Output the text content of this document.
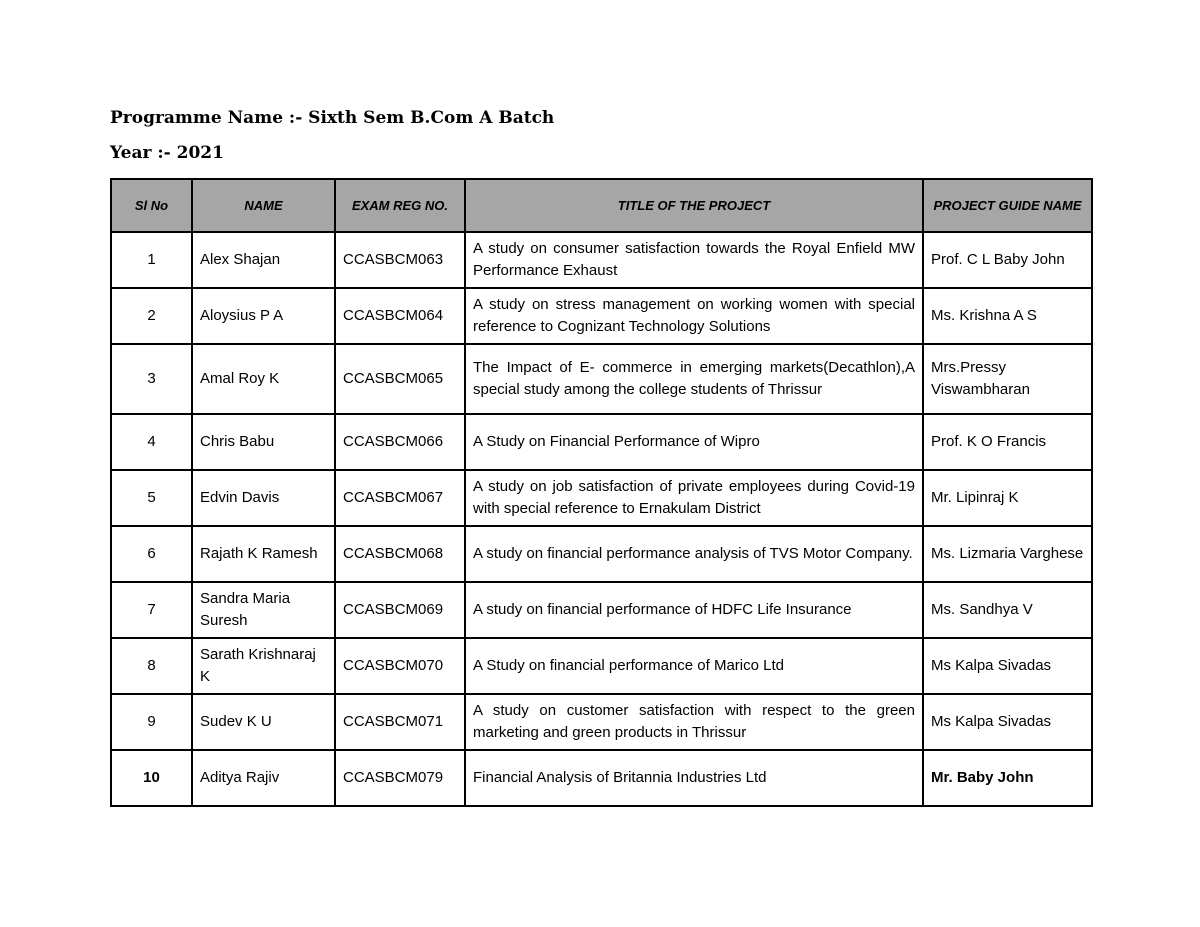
Programme Name :- Sixth Sem B.Com A Batch
Year :- 2021
Sl No	NAME	EXAM REG NO.	TITLE OF THE PROJECT	PROJECT GUIDE NAME
1	Alex Shajan	CCASBCM063	A study on consumer satisfaction towards the Royal Enfield MW Performance Exhaust	Prof. C L Baby John
2	Aloysius P A	CCASBCM064	A study on stress management on working women with special reference to Cognizant Technology Solutions	Ms. Krishna A S
3	Amal Roy K	CCASBCM065	The Impact of E- commerce in emerging markets(Decathlon),A special study among the college students of Thrissur	Mrs.Pressy Viswambharan
4	Chris Babu	CCASBCM066	A Study on Financial Performance of Wipro	Prof. K O Francis
5	Edvin Davis	CCASBCM067	A study on job satisfaction of private employees during Covid-19 with special reference to Ernakulam District	Mr. Lipinraj K
6	Rajath K Ramesh	CCASBCM068	A study on financial performance analysis of TVS Motor Company.	Ms. Lizmaria Varghese
7	Sandra Maria Suresh	CCASBCM069	A study on financial performance of HDFC Life Insurance	Ms. Sandhya V
8	Sarath Krishnaraj K	CCASBCM070	A Study on financial performance of Marico Ltd	Ms Kalpa Sivadas
9	Sudev K U	CCASBCM071	A study on customer satisfaction with respect to the green marketing and green products in Thrissur	Ms Kalpa Sivadas
10	Aditya Rajiv	CCASBCM079	Financial Analysis of Britannia Industries Ltd	Mr. Baby John
